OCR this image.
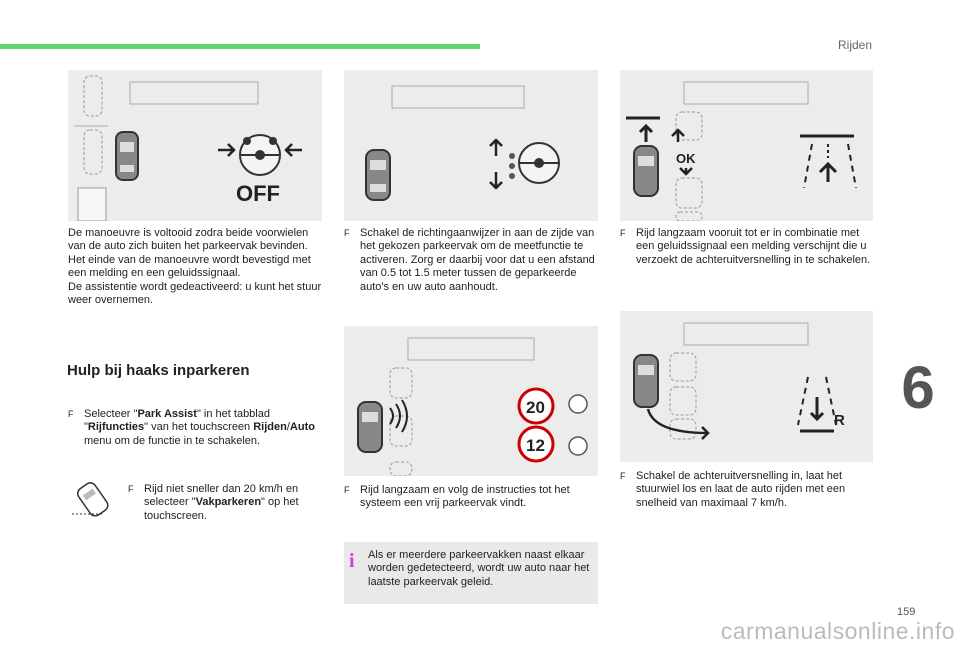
Rijden
6
159
carmanualsonline.info
OFF

De manoeuvre is voltooid zodra beide voorwielen van de auto zich buiten het parkeervak bevinden.

Het einde van de manoeuvre wordt bevestigd met een melding en een geluidssignaal.

De assistentie wordt gedeactiveerd: u kunt het stuur weer overnemen.

Hulp bij haaks inparkeren
F Selecteer "Park Assist" in het tabblad "Rijfuncties" van het touchscreen Rijden/Auto menu om de functie in te schakelen.
F Rijd niet sneller dan 20 km/h en selecteer "Vakparkeren" op het touchscreen.
F Schakel de richtingaanwijzer in aan de zijde van het gekozen parkeervak om de meetfunctie te activeren. Zorg er daarbij voor dat u een afstand van 0.5 tot 1.5 meter tussen de geparkeerde auto's en uw auto aanhoudt.
20
12
F Rijd langzaam en volg de instructies tot het systeem een vrij parkeervak vindt.
i Als er meerdere parkeervakken naast elkaar worden gedetecteerd, wordt uw auto naar het laatste parkeervak geleid.
OK
F Rijd langzaam vooruit tot er in combinatie met een geluidssignaal een melding verschijnt die u verzoekt de achteruitversnelling in te schakelen.
R
F Schakel de achteruitversnelling in, laat het stuurwiel los en laat de auto rijden met een snelheid van maximaal 7 km/h.
